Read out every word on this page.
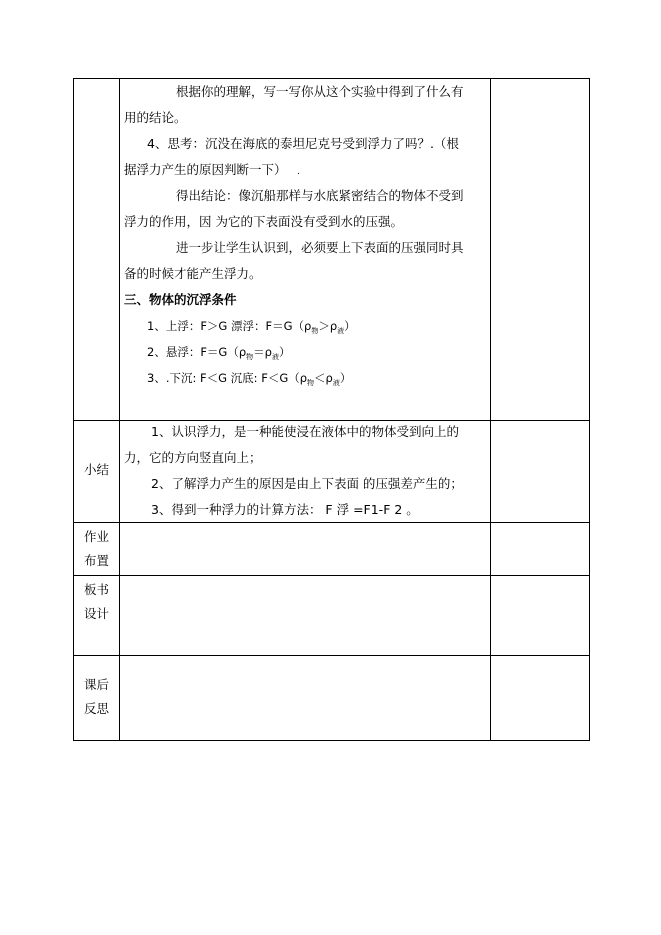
根据你的理解，写一写你从这个实验中得到了什么有
用的结论。
4、思考：沉没在海底的泰坦尼克号受到浮力了吗？.（根
据浮力产生的原因判断一下） .
得出结论：像沉船那样与水底紧密结合的物体不受到
浮力的作用，因 为它的下表面没有受到水的压强。
进一步让学生认识到，必须要上下表面的压强同时具
备的时候才能产生浮力。
三、物体的沉浮条件
1、上浮：F＞G 漂浮：$F=G(\rho_物>\rho_液)$
2、悬浮：$F=G(\rho_物=\rho_液)$
3、.下沉: F＜G 沉底: $F<G(\rho_物<\rho_液)$
小结
1、认识浮力，是一种能使浸在液体中的物体受到向上的
力，它的方向竖直向上；
2、了解浮力产生的原因是由上下表面 的压强差产生的；
3、得到一种浮力的计算方法： F 浮 =F1-F 2 。
作业
布置
板书
设计
课后
反思
